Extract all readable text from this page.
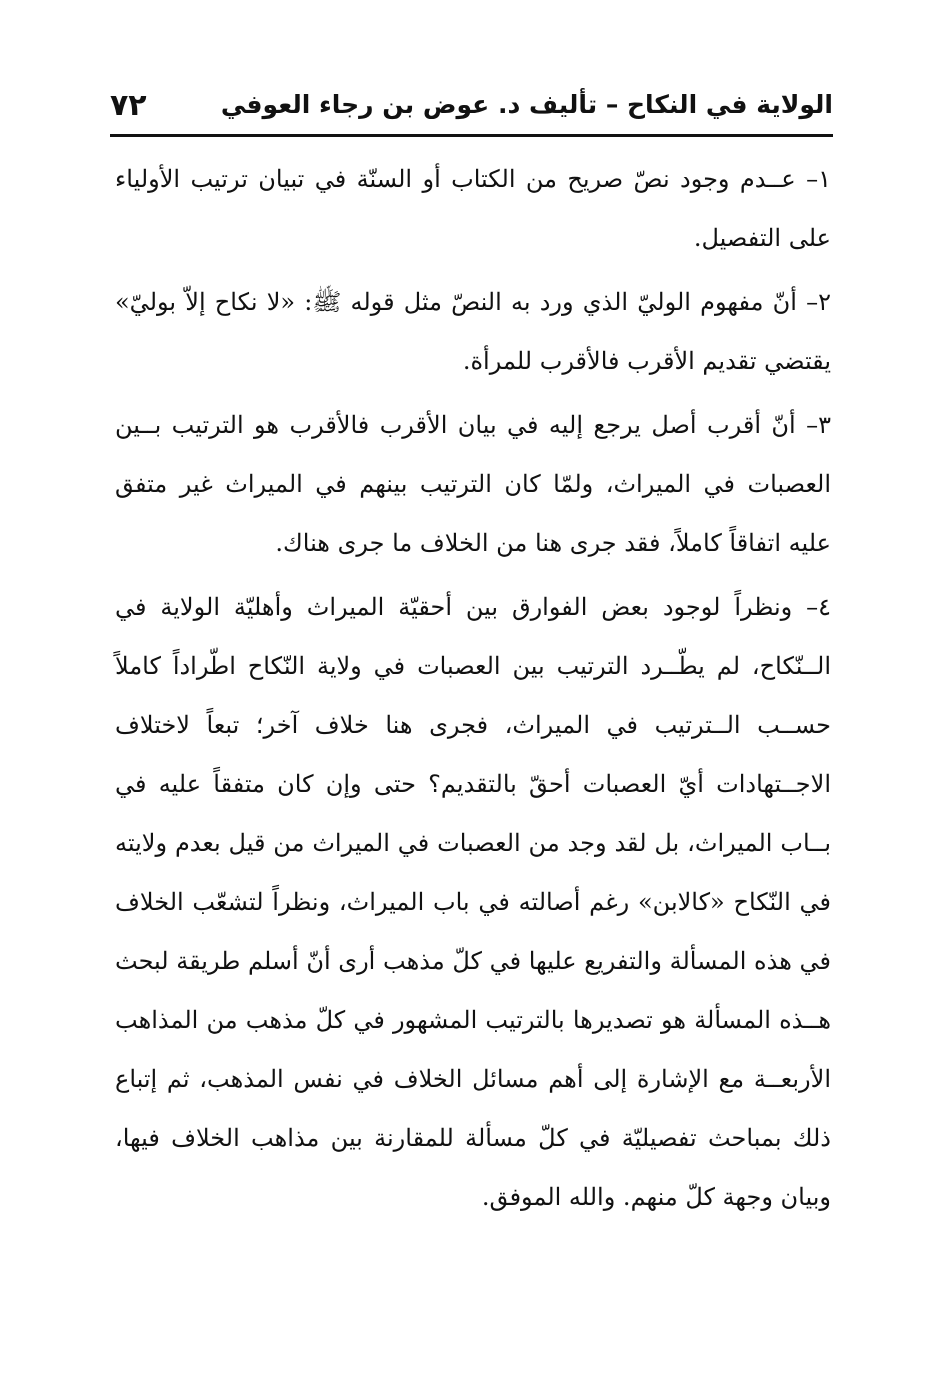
الولاية في النكاح – تأليف د. عوض بن رجاء العوفي
٧٢

١– عــدم وجود نصّ صريح من الكتاب أو السنّة في تبيان ترتيب الأولياء على التفصيل.

٢– أنّ مفهوم الوليّ الذي ورد به النصّ مثل قوله ﷺ: «لا نكاح إلاّ بوليّ» يقتضي تقديم الأقرب فالأقرب للمرأة.

٣– أنّ أقرب أصل يرجع إليه في بيان الأقرب فالأقرب هو الترتيب بــين العصبات في الميراث، ولمّا كان الترتيب بينهم في الميراث غير متفق عليه اتفاقاً كاملاً، فقد جرى هنا من الخلاف ما جرى هناك.

٤– ونظراً لوجود بعض الفوارق بين أحقيّة الميراث وأهليّة الولاية في الــنّكاح، لم يطّــرد الترتيب بين العصبات في ولاية النّكاح اطّراداً كاملاً حســب الــترتيب في الميراث، فجرى هنا خلاف آخر؛ تبعاً لاختلاف الاجــتهادات أيّ العصبات أحقّ بالتقديم؟ حتى وإن كان متفقاً عليه في بــاب الميراث، بل لقد وجد من العصبات في الميراث من قيل بعدم ولايته في النّكاح «كالابن» رغم أصالته في باب الميراث، ونظراً لتشعّب الخلاف في هذه المسألة والتفريع عليها في كلّ مذهب أرى أنّ أسلم طريقة لبحث هــذه المسألة هو تصديرها بالترتيب المشهور في كلّ مذهب من المذاهب الأربعــة مع الإشارة إلى أهم مسائل الخلاف في نفس المذهب، ثم إتباع ذلك بمباحث تفصيليّة في كلّ مسألة للمقارنة بين مذاهب الخلاف فيها، وبيان وجهة كلّ منهم. والله الموفق.
